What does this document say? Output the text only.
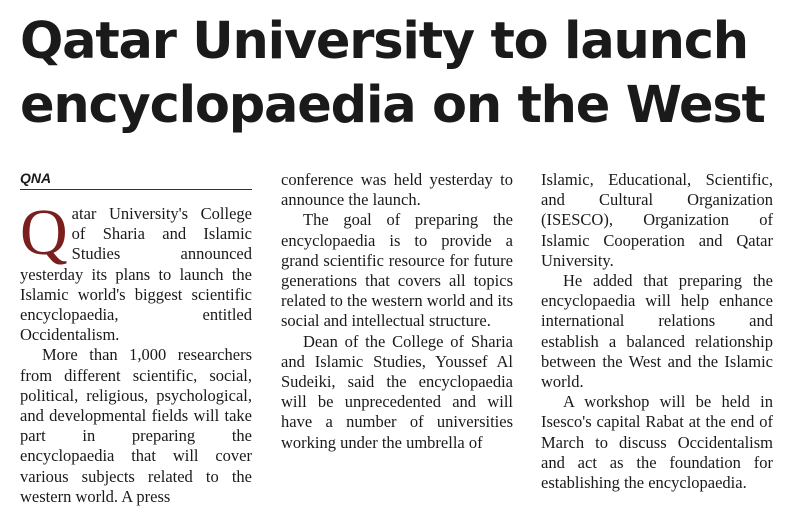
Qatar University to launch encyclopaedia on the West
QNA

Qatar University's College of Sharia and Islamic Studies announced yesterday its plans to launch the Islamic world's biggest scientific encyclopaedia, entitled Occidentalism.

More than 1,000 researchers from different scientific, social, political, religious, psychological, and developmental fields will take part in preparing the encyclopaedia that will cover various subjects related to the western world. A press

conference was held yesterday to announce the launch.

The goal of preparing the encyclopaedia is to provide a grand scientific resource for future generations that covers all topics related to the western world and its social and intellectual structure.

Dean of the College of Sharia and Islamic Studies, Youssef Al Sudeiki, said the encyclopaedia will be unprecedented and will have a number of universities working under the umbrella of

Islamic, Educational, Scientific, and Cultural Organization (ISESCO), Organization of Islamic Cooperation and Qatar University.

He added that preparing the encyclopaedia will help enhance international relations and establish a balanced relationship between the West and the Islamic world.

A workshop will be held in Isesco's capital Rabat at the end of March to discuss Occidentalism and act as the foundation for establishing the encyclopaedia.
